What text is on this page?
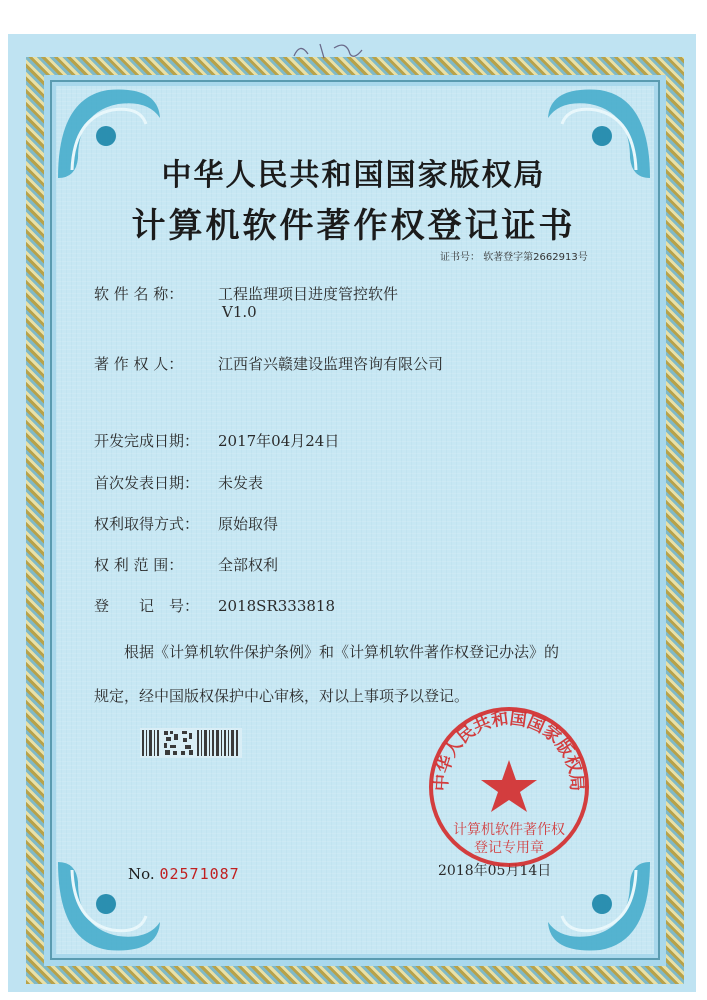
中华人民共和国国家版权局
计算机软件著作权登记证书
证书号： 软著登字第2662913号
软 件 名 称： 工程监理项目进度管控软件
V1.0
著 作 权 人： 江西省兴赣建设监理咨询有限公司
开发完成日期： 2017年04月24日
首次发表日期： 未发表
权利取得方式： 原始取得
权 利 范 围： 全部权利
登　　记　号： 2018SR333818
根据《计算机软件保护条例》和《计算机软件著作权登记办法》的
规定，经中国版权保护中心审核，对以上事项予以登记。
No. 02571087	2018年05月14日
中华人民共和国国家版权局
计算机软件著作权
登记专用章
